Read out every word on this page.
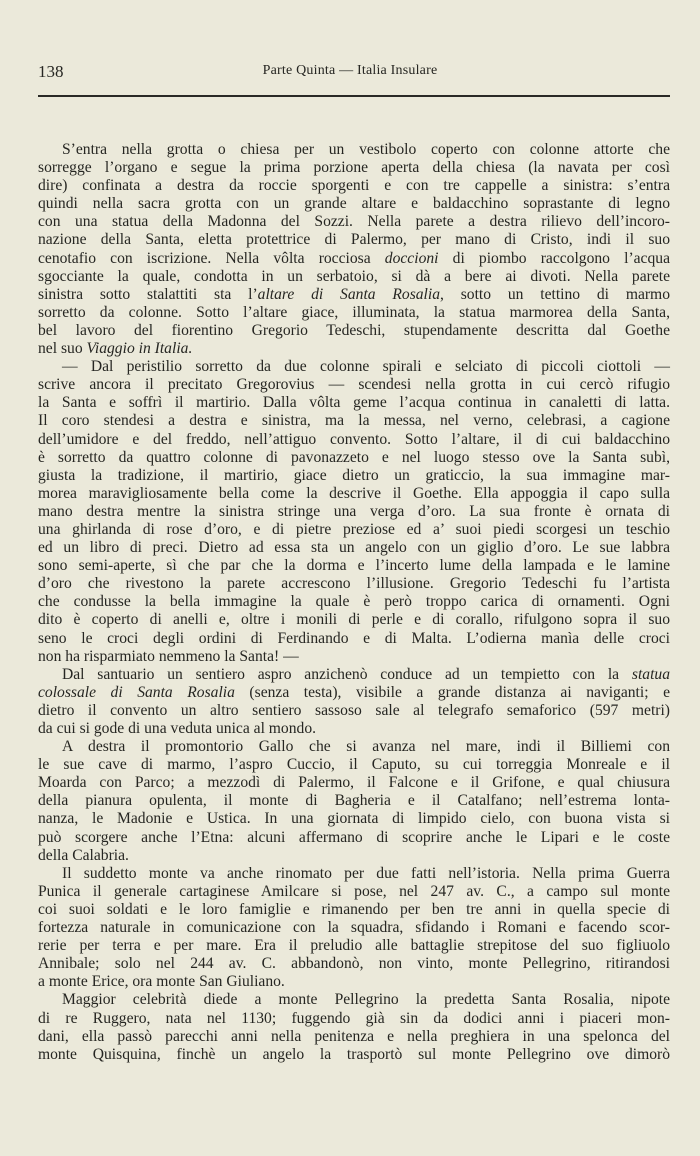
138	Parte Quinta — Italia Insulare
S’entra nella grotta o chiesa per un vestibolo coperto con colonne attorte che
sorregge l’organo e segue la prima porzione aperta della chiesa (la navata per così
dire) confinata a destra da roccie sporgenti e con tre cappelle a sinistra: s’entra
quindi nella sacra grotta con un grande altare e baldacchino soprastante di legno
con una statua della Madonna del Sozzi. Nella parete a destra rilievo dell’incoro-
nazione della Santa, eletta protettrice di Palermo, per mano di Cristo, indi il suo
cenotafio con iscrizione. Nella vôlta rocciosa doccioni di piombo raccolgono l’acqua
sgocciante la quale, condotta in un serbatoio, si dà a bere ai divoti. Nella parete
sinistra sotto stalattiti sta l’altare di Santa Rosalia, sotto un tettino di marmo
sorretto da colonne. Sotto l’altare giace, illuminata, la statua marmorea della Santa,
bel lavoro del fiorentino Gregorio Tedeschi, stupendamente descritta dal Goethe
nel suo Viaggio in Italia.
— Dal peristilio sorretto da due colonne spirali e selciato di piccoli ciottoli —
scrive ancora il precitato Gregorovius — scendesi nella grotta in cui cercò rifugio
la Santa e soffrì il martirio. Dalla vôlta geme l’acqua continua in canaletti di latta.
Il coro stendesi a destra e sinistra, ma la messa, nel verno, celebrasi, a cagione
dell’umidore e del freddo, nell’attiguo convento. Sotto l’altare, il di cui baldacchino
è sorretto da quattro colonne di pavonazzeto e nel luogo stesso ove la Santa subì,
giusta la tradizione, il martirio, giace dietro un graticcio, la sua immagine mar-
morea maravigliosamente bella come la descrive il Goethe. Ella appoggia il capo sulla
mano destra mentre la sinistra stringe una verga d’oro. La sua fronte è ornata di
una ghirlanda di rose d’oro, e di pietre preziose ed a’ suoi piedi scorgesi un teschio
ed un libro di preci. Dietro ad essa sta un angelo con un giglio d’oro. Le sue labbra
sono semi-aperte, sì che par che la dorma e l’incerto lume della lampada e le lamine
d’oro che rivestono la parete accrescono l’illusione. Gregorio Tedeschi fu l’artista
che condusse la bella immagine la quale è però troppo carica di ornamenti. Ogni
dito è coperto di anelli e, oltre i monili di perle e di corallo, rifulgono sopra il suo
seno le croci degli ordini di Ferdinando e di Malta. L’odierna manìa delle croci
non ha risparmiato nemmeno la Santa! —
Dal santuario un sentiero aspro anzichenò conduce ad un tempietto con la statua
colossale di Santa Rosalia (senza testa), visibile a grande distanza ai naviganti; e
dietro il convento un altro sentiero sassoso sale al telegrafo semaforico (597 metri)
da cui si gode di una veduta unica al mondo.
A destra il promontorio Gallo che si avanza nel mare, indi il Billiemi con
le sue cave di marmo, l’aspro Cuccio, il Caputo, su cui torreggia Monreale e il
Moarda con Parco; a mezzodì di Palermo, il Falcone e il Grifone, e qual chiusura
della pianura opulenta, il monte di Bagheria e il Catalfano; nell’estrema lonta-
nanza, le Madonie e Ustica. In una giornata di limpido cielo, con buona vista si
può scorgere anche l’Etna: alcuni affermano di scoprire anche le Lipari e le coste
della Calabria.
Il suddetto monte va anche rinomato per due fatti nell’istoria. Nella prima Guerra
Punica il generale cartaginese Amilcare si pose, nel 247 av. C., a campo sul monte
coi suoi soldati e le loro famiglie e rimanendo per ben tre anni in quella specie di
fortezza naturale in comunicazione con la squadra, sfidando i Romani e facendo scor-
rerie per terra e per mare. Era il preludio alle battaglie strepitose del suo figliuolo
Annibale; solo nel 244 av. C. abbandonò, non vinto, monte Pellegrino, ritirandosi
a monte Erice, ora monte San Giuliano.
Maggior celebrità diede a monte Pellegrino la predetta Santa Rosalia, nipote
di re Ruggero, nata nel 1130; fuggendo già sin da dodici anni i piaceri mon-
dani, ella passò parecchi anni nella penitenza e nella preghiera in una spelonca del
monte Quisquina, finchè un angelo la trasportò sul monte Pellegrino ove dimorò
